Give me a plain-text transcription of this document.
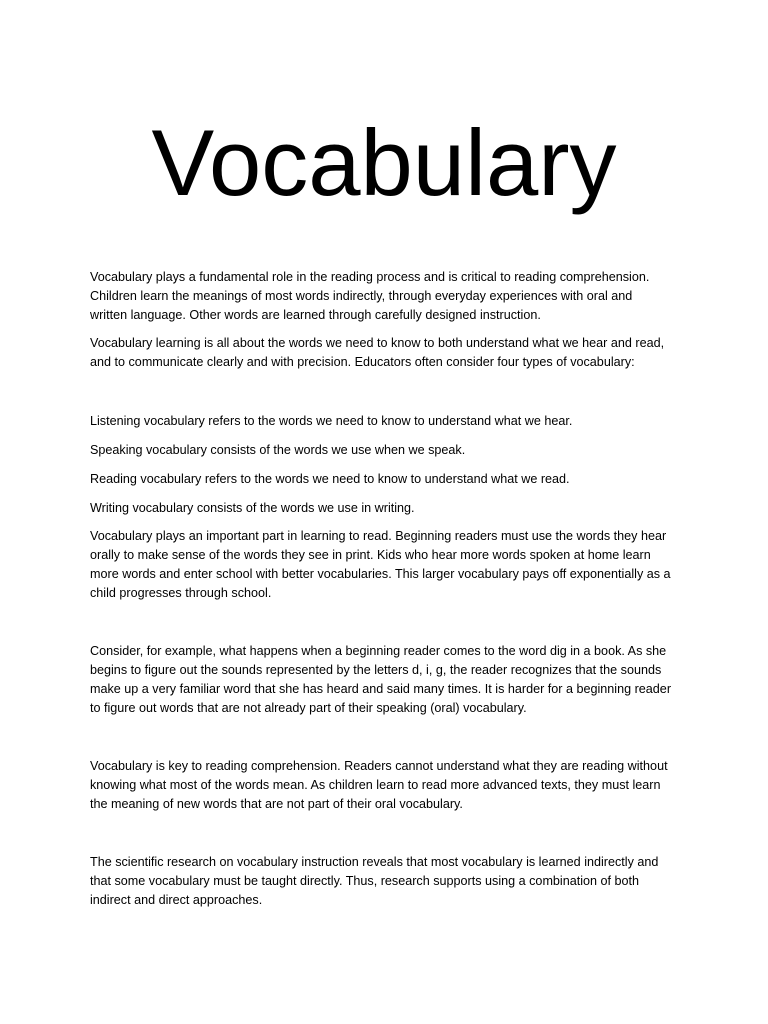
Vocabulary

Vocabulary plays a fundamental role in the reading process and is critical to reading comprehension.
Children learn the meanings of most words indirectly, through everyday experiences with oral and
written language. Other words are learned through carefully designed instruction.

Vocabulary learning is all about the words we need to know to both understand what we hear and read,
and to communicate clearly and with precision. Educators often consider four types of vocabulary:

Listening vocabulary refers to the words we need to know to understand what we hear.

Speaking vocabulary consists of the words we use when we speak.

Reading vocabulary refers to the words we need to know to understand what we read.

Writing vocabulary consists of the words we use in writing.

Vocabulary plays an important part in learning to read. Beginning readers must use the words they hear
orally to make sense of the words they see in print. Kids who hear more words spoken at home learn
more words and enter school with better vocabularies. This larger vocabulary pays off exponentially as a
child progresses through school.

Consider, for example, what happens when a beginning reader comes to the word dig in a book. As she
begins to figure out the sounds represented by the letters d, i, g, the reader recognizes that the sounds
make up a very familiar word that she has heard and said many times. It is harder for a beginning reader
to figure out words that are not already part of their speaking (oral) vocabulary.

Vocabulary is key to reading comprehension. Readers cannot understand what they are reading without
knowing what most of the words mean. As children learn to read more advanced texts, they must learn
the meaning of new words that are not part of their oral vocabulary.

The scientific research on vocabulary instruction reveals that most vocabulary is learned indirectly and
that some vocabulary must be taught directly. Thus, research supports using a combination of both
indirect and direct approaches.
